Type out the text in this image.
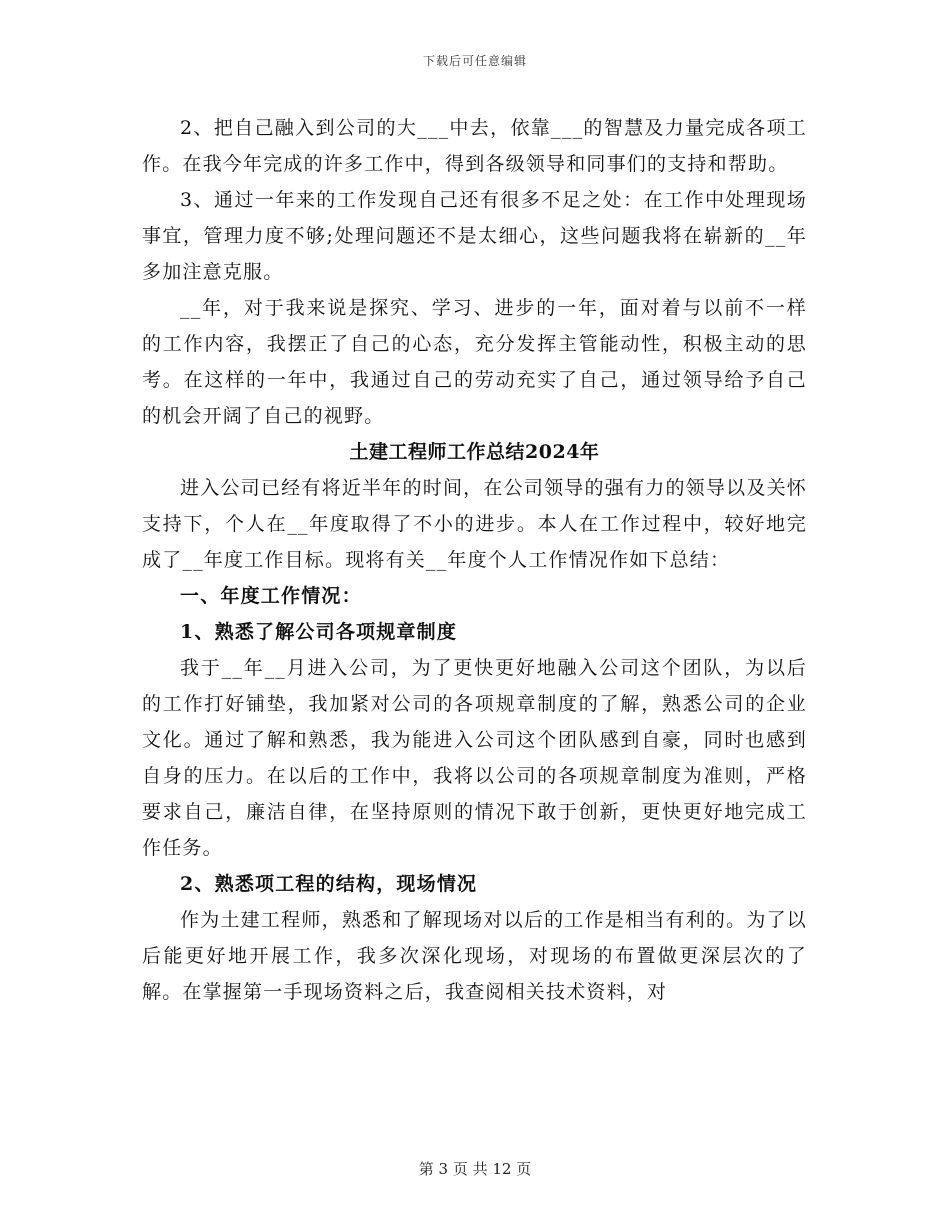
下载后可任意编辑

2、把自己融入到公司的大___中去，依靠___的智慧及力量完成各项工作。在我今年完成的许多工作中，得到各级领导和同事们的支持和帮助。

3、通过一年来的工作发现自己还有很多不足之处：在工作中处理现场事宜，管理力度不够;处理问题还不是太细心，这些问题我将在崭新的__年多加注意克服。

__年，对于我来说是探究、学习、进步的一年，面对着与以前不一样的工作内容，我摆正了自己的心态，充分发挥主管能动性，积极主动的思考。在这样的一年中，我通过自己的劳动充实了自己，通过领导给予自己的机会开阔了自己的视野。

土建工程师工作总结2024年

进入公司已经有将近半年的时间，在公司领导的强有力的领导以及关怀支持下，个人在__年度取得了不小的进步。本人在工作过程中，较好地完成了__年度工作目标。现将有关__年度个人工作情况作如下总结：

一、年度工作情况：

1、熟悉了解公司各项规章制度

我于__年__月进入公司，为了更快更好地融入公司这个团队，为以后的工作打好铺垫，我加紧对公司的各项规章制度的了解，熟悉公司的企业文化。通过了解和熟悉，我为能进入公司这个团队感到自豪，同时也感到自身的压力。在以后的工作中，我将以公司的各项规章制度为准则，严格要求自己，廉洁自律，在坚持原则的情况下敢于创新，更快更好地完成工作任务。

2、熟悉项工程的结构，现场情况

作为土建工程师，熟悉和了解现场对以后的工作是相当有利的。为了以后能更好地开展工作，我多次深化现场，对现场的布置做更深层次的了解。在掌握第一手现场资料之后，我查阅相关技术资料，对

第 3 页 共 12 页
